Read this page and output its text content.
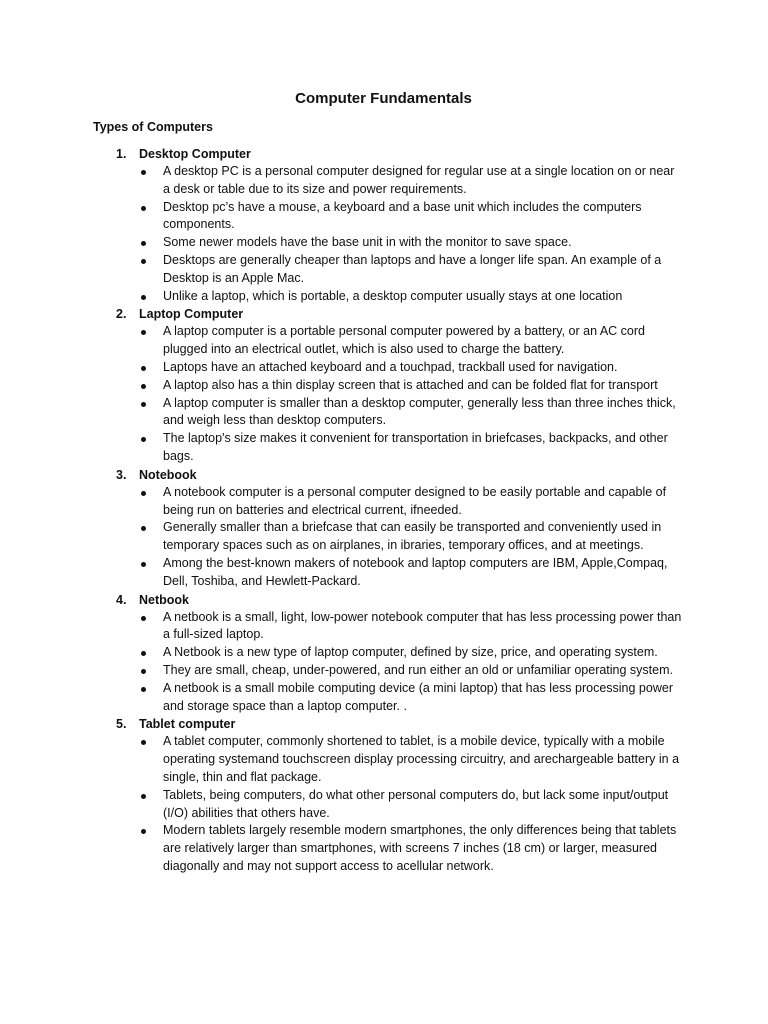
Computer Fundamentals
Types of Computers
1. Desktop Computer
A desktop PC is a personal computer designed for regular use at a single location on or near a desk or table due to its size and power requirements.
Desktop pc’s have a mouse, a keyboard and a base unit which includes the computers components.
Some newer models have the base unit in with the monitor to save space.
Desktops are generally cheaper than laptops and have a longer life span. An example of a Desktop is an Apple Mac.
Unlike a laptop, which is portable, a desktop computer usually stays at one location
2. Laptop Computer
A laptop computer is a portable personal computer powered by a battery, or an AC cord plugged into an electrical outlet, which is also used to charge the battery.
Laptops have an attached keyboard and a touchpad, trackball used for navigation.
A laptop also has a thin display screen that is attached and can be folded flat for transport
A laptop computer is smaller than a desktop computer, generally less than three inches thick, and weigh less than desktop computers.
The laptop's size makes it convenient for transportation in briefcases, backpacks, and other bags.
3. Notebook
A notebook computer is a personal computer designed to be easily portable and capable of being run on batteries and electrical current, ifneeded.
Generally smaller than a briefcase that can easily be transported and conveniently used in temporary spaces such as on airplanes, in ibraries, temporary offices, and at meetings.
Among the best-known makers of notebook and laptop computers are IBM, Apple,Compaq, Dell, Toshiba, and Hewlett-Packard.
4. Netbook
A netbook is a small, light, low-power notebook computer that has less processing power than a full-sized laptop.
A Netbook is a new type of laptop computer, defined by size, price, and operating system.
They are small, cheap, under-powered, and run either an old or unfamiliar operating system.
A netbook is a small mobile computing device (a mini laptop) that has less processing power and storage space than a laptop computer. .
5. Tablet computer
A tablet computer, commonly shortened to tablet, is a mobile device, typically with a mobile operating systemand touchscreen display processing circuitry, and arechargeable battery in a single, thin and flat package.
Tablets, being computers, do what other personal computers do, but lack some input/output (I/O) abilities that others have.
Modern tablets largely resemble modern smartphones, the only differences being that tablets are relatively larger than smartphones, with screens 7 inches (18 cm) or larger, measured diagonally and may not support access to acellular network.
